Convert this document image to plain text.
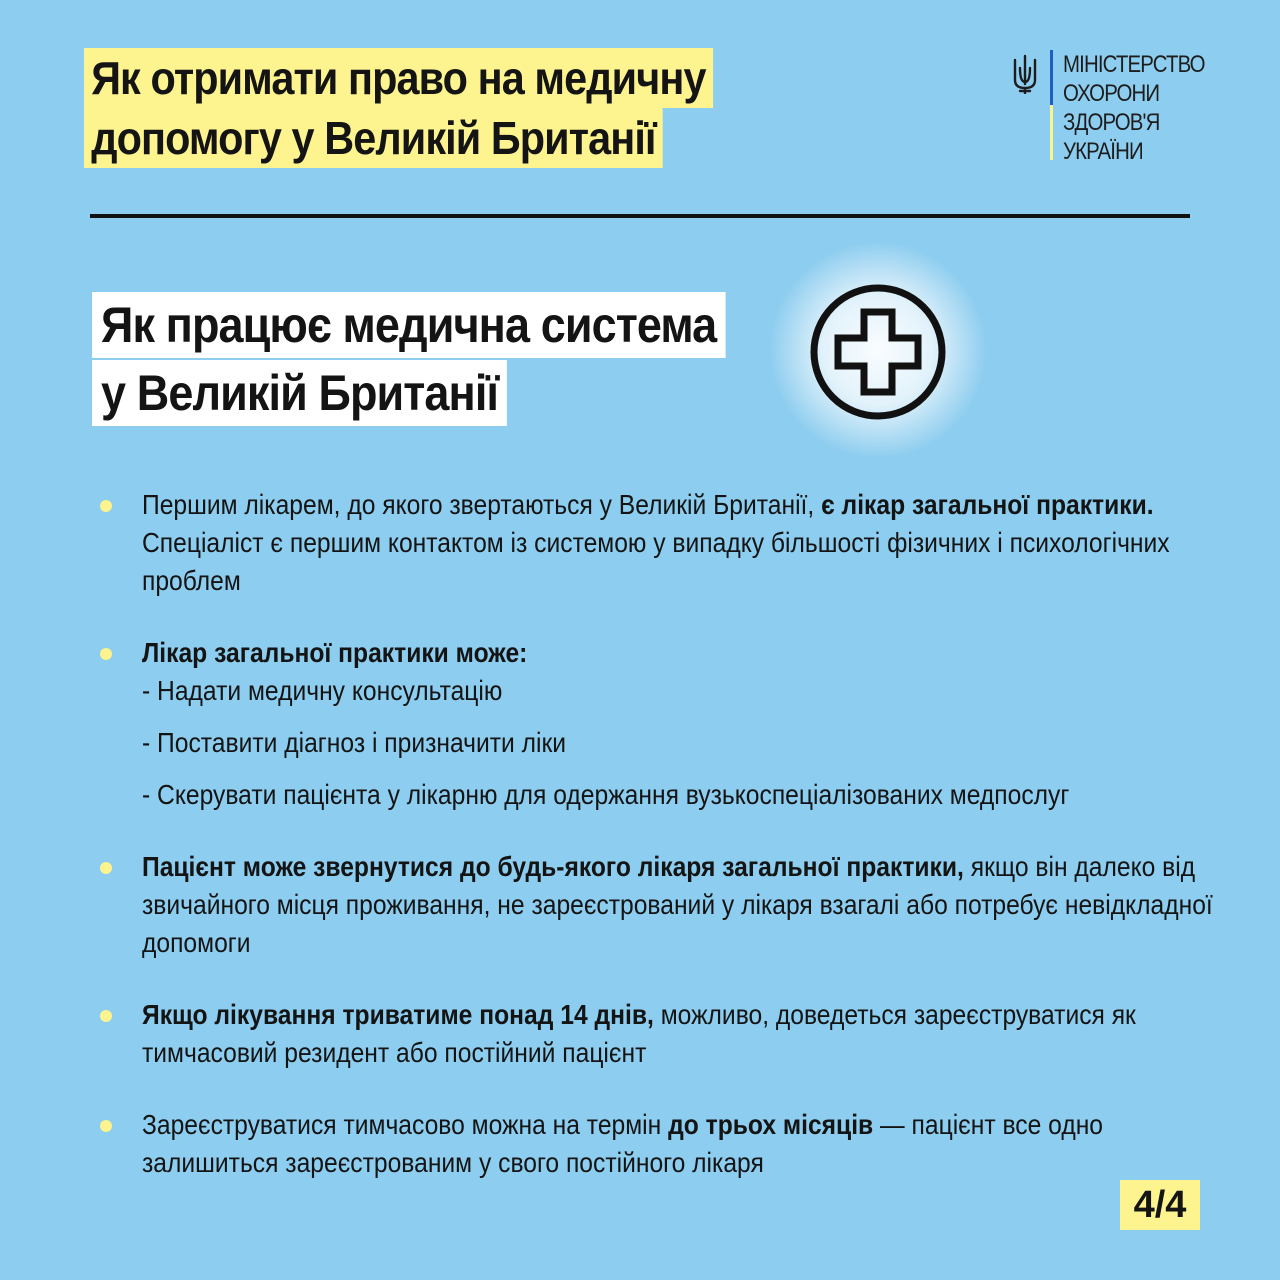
Як отримати право на медичну
допомогу у Великій Британії
МІНІСТЕРСТВО
ОХОРОНИ
ЗДОРОВ'Я
УКРАЇНИ
Як працює медична система
у Великій Британії
Першим лікарем, до якого звертаються у Великій Британії, є лікар загальної практики. Спеціаліст є першим контактом із системою у випадку більшості фізичних і психологічних проблем
Лікар загальної практики може:
- Надати медичну консультацію
- Поставити діагноз і призначити ліки
- Скерувати пацієнта у лікарню для одержання вузькоспеціалізованих медпослуг
Пацієнт може звернутися до будь-якого лікаря загальної практики, якщо він далеко від звичайного місця проживання, не зареєстрований у лікаря взагалі або потребує невідкладної допомоги
Якщо лікування триватиме понад 14 днів, можливо, доведеться зареєструватися як тимчасовий резидент або постійний пацієнт
Зареєструватися тимчасово можна на термін до трьох місяців — пацієнт все одно залишиться зареєстрованим у свого постійного лікаря
4/4
